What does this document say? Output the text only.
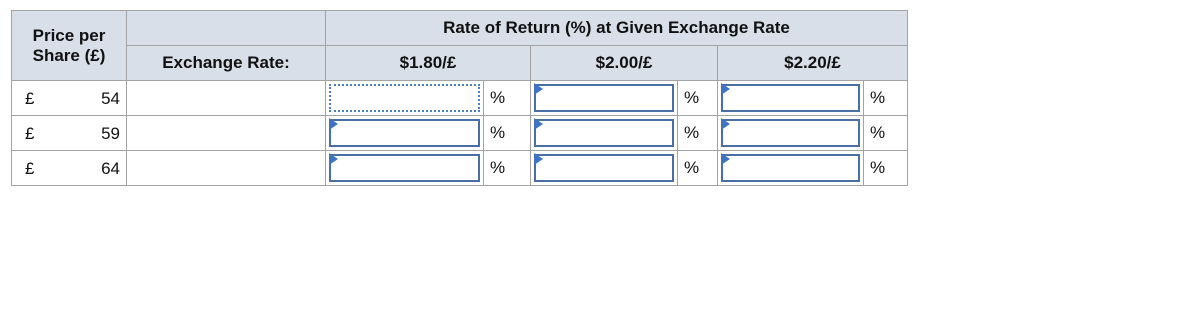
Price per
Share (£)		Rate of Return (%) at Given Exchange Rate					
	Exchange Rate:	$1.80/£		$2.00/£		$2.20/£	

£ 54			%		%		%

£ 59			%		%		%

£ 64			%		%		%
